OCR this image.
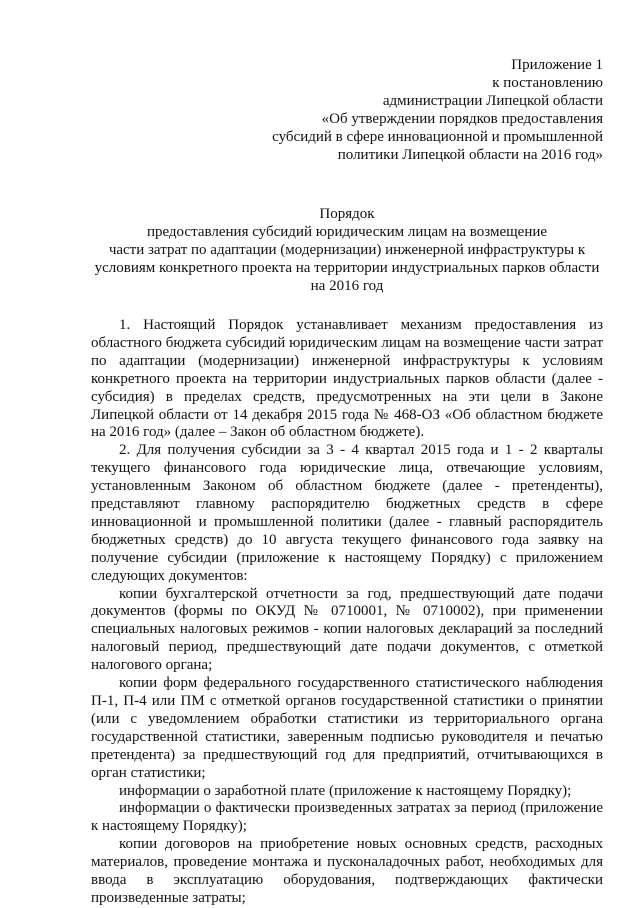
Приложение 1
к постановлению
администрации Липецкой области
«Об утверждении порядков предоставления
субсидий в сфере инновационной и промышленной
политики Липецкой области на 2016 год»
Порядок
предоставления субсидий юридическим лицам на возмещение
части затрат по адаптации (модернизации) инженерной инфраструктуры к
условиям конкретного проекта на территории индустриальных парков области
на 2016 год

1. Настоящий Порядок устанавливает механизм предоставления из областного бюджета субсидий юридическим лицам на возмещение части затрат по адаптации (модернизации) инженерной инфраструктуры к условиям конкретного проекта на территории индустриальных парков области (далее - субсидия) в пределах средств, предусмотренных на эти цели в Законе Липецкой области от 14 декабря 2015 года № 468-ОЗ «Об областном бюджете на 2016 год» (далее – Закон об областном бюджете).

2. Для получения субсидии за 3 - 4 квартал 2015 года и 1 - 2 кварталы текущего финансового года юридические лица, отвечающие условиям, установленным Законом об областном бюджете (далее - претенденты), представляют главному распорядителю бюджетных средств в сфере инновационной и промышленной политики (далее - главный распорядитель бюджетных средств) до 10 августа текущего финансового года заявку на получение субсидии (приложение к настоящему Порядку) с приложением следующих документов:

копии бухгалтерской отчетности за год, предшествующий дате подачи документов (формы по ОКУД № 0710001, № 0710002), при применении специальных налоговых режимов - копии налоговых деклараций за последний налоговый период, предшествующий дате подачи документов, с отметкой налогового органа;

копии форм федерального государственного статистического наблюдения П-1, П-4 или ПМ с отметкой органов государственной статистики о принятии (или с уведомлением обработки статистики из территориального органа государственной статистики, заверенным подписью руководителя и печатью претендента) за предшествующий год для предприятий, отчитывающихся в орган статистики;

информации о заработной плате (приложение к настоящему Порядку);

информации о фактически произведенных затратах за период (приложение к настоящему Порядку);

копии договоров на приобретение новых основных средств, расходных материалов, проведение монтажа и пусконаладочных работ, необходимых для ввода в эксплуатацию оборудования, подтверждающих фактически произведенные затраты;
